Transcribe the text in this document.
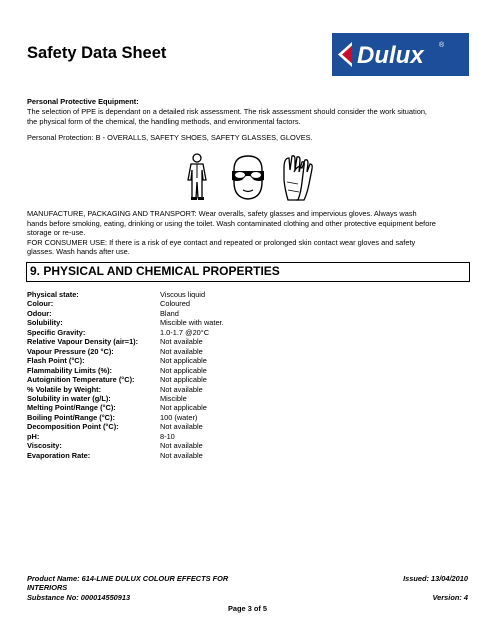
Safety Data Sheet	Dulux ®
Personal Protective Equipment:
The selection of PPE is dependant on a detailed risk assessment. The risk assessment should consider the work situation,
the physical form of the chemical, the handling methods, and environmental factors.
Personal Protection: B - OVERALLS, SAFETY SHOES, SAFETY GLASSES, GLOVES.
MANUFACTURE, PACKAGING AND TRANSPORT: Wear overalls, safety glasses and impervious gloves. Always wash
hands before smoking, eating, drinking or using the toilet. Wash contaminated clothing and other protective equipment before
storage or re-use.
FOR CONSUMER USE: If there is a risk of eye contact and repeated or prolonged skin contact wear gloves and safety
glasses. Wash hands after use.
9. PHYSICAL AND CHEMICAL PROPERTIES
Physical state:	Viscous liquid
Colour:	Coloured
Odour:	Bland
Solubility:	Miscible with water.
Specific Gravity:	1.0-1.7 @20°C
Relative Vapour Density (air=1):	Not available
Vapour Pressure (20 °C):	Not available
Flash Point (°C):	Not applicable
Flammability Limits (%):	Not applicable
Autoignition Temperature (°C):	Not applicable
% Volatile by Weight:	Not available
Solubility in water (g/L):	Miscible
Melting Point/Range (°C):	Not applicable
Boiling Point/Range (°C):	100 (water)
Decomposition Point (°C):	Not available
pH:	8-10
Viscosity:	Not available
Evaporation Rate:	Not available
Product Name: 614-LINE DULUX COLOUR EFFECTS FOR
INTERIORS
Substance No: 000014550913
Issued: 13/04/2010
Version: 4
Page 3 of 5
